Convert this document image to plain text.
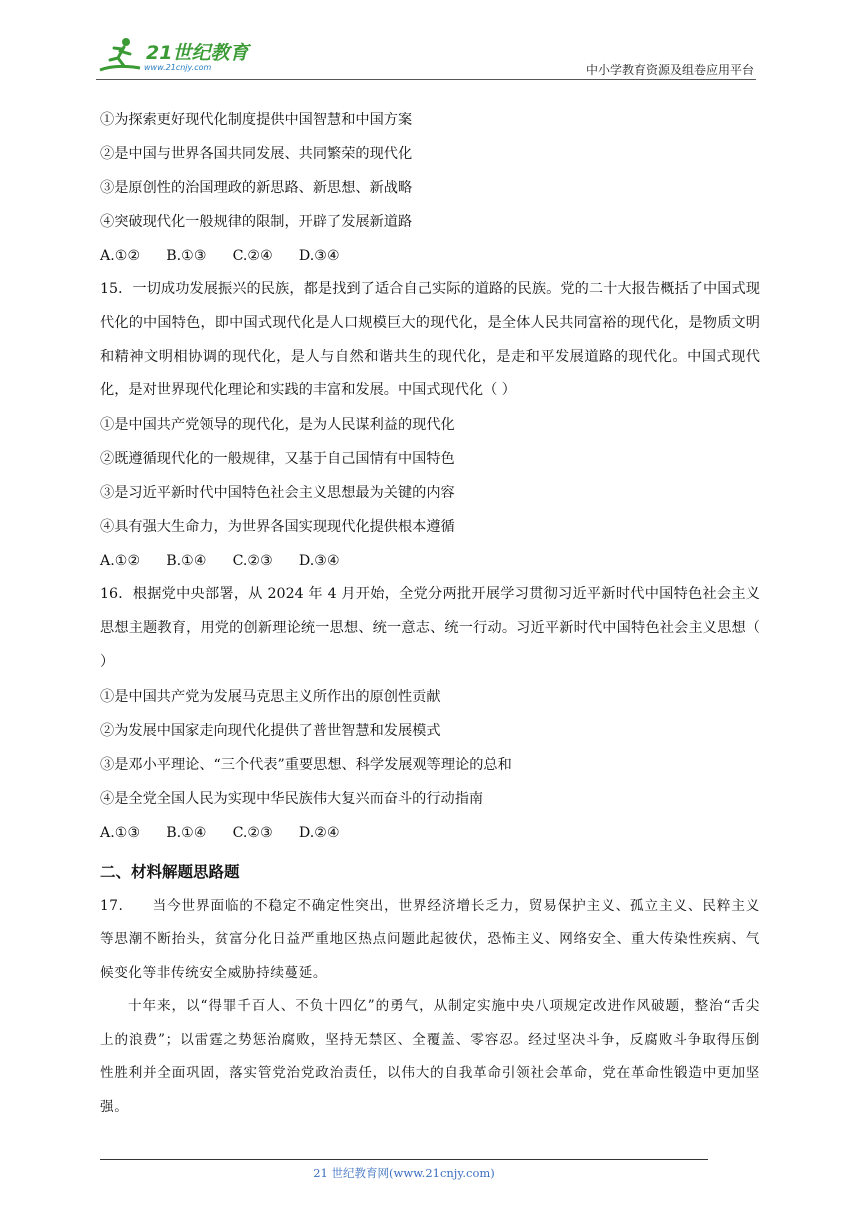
21世纪教育
www.21cnjy.com	中小学教育资源及组卷应用平台
①为探索更好现代化制度提供中国智慧和中国方案
②是中国与世界各国共同发展、共同繁荣的现代化
③是原创性的治国理政的新思路、新思想、新战略
④突破现代化一般规律的限制，开辟了发展新道路
A.①② B.①③ C.②④ D.③④
15．一切成功发展振兴的民族，都是找到了适合自己实际的道路的民族。党的二十大报告概括了中国式现代化的中国特色，即中国式现代化是人口规模巨大的现代化，是全体人民共同富裕的现代化，是物质文明和精神文明相协调的现代化，是人与自然和谐共生的现代化，是走和平发展道路的现代化。中国式现代化，是对世界现代化理论和实践的丰富和发展。中国式现代化（ ）
①是中国共产党领导的现代化，是为人民谋利益的现代化
②既遵循现代化的一般规律，又基于自己国情有中国特色
③是习近平新时代中国特色社会主义思想最为关键的内容
④具有强大生命力，为世界各国实现现代化提供根本遵循
A.①② B.①④ C.②③ D.③④
16．根据党中央部署，从 2024 年 4 月开始，全党分两批开展学习贯彻习近平新时代中国特色社会主义思想主题教育，用党的创新理论统一思想、统一意志、统一行动。习近平新时代中国特色社会主义思想（ ）
①是中国共产党为发展马克思主义所作出的原创性贡献
②为发展中国家走向现代化提供了普世智慧和发展模式
③是邓小平理论、“三个代表”重要思想、科学发展观等理论的总和
④是全党全国人民为实现中华民族伟大复兴而奋斗的行动指南
A.①③ B.①④ C.②③ D.②④
二、材料解题思路题
17.　　当今世界面临的不稳定不确定性突出，世界经济增长乏力，贸易保护主义、孤立主义、民粹主义等思潮不断抬头，贫富分化日益严重地区热点问题此起彼伏，恐怖主义、网络安全、重大传染性疾病、气候变化等非传统安全威胁持续蔓延。
十年来，以“得罪千百人、不负十四亿”的勇气，从制定实施中央八项规定改进作风破题，整治“舌尖上的浪费”；以雷霆之势惩治腐败，坚持无禁区、全覆盖、零容忍。经过坚决斗争，反腐败斗争取得压倒性胜利并全面巩固，落实管党治党政治责任，以伟大的自我革命引领社会革命，党在革命性锻造中更加坚强。
21 世纪教育网(www.21cnjy.com)
